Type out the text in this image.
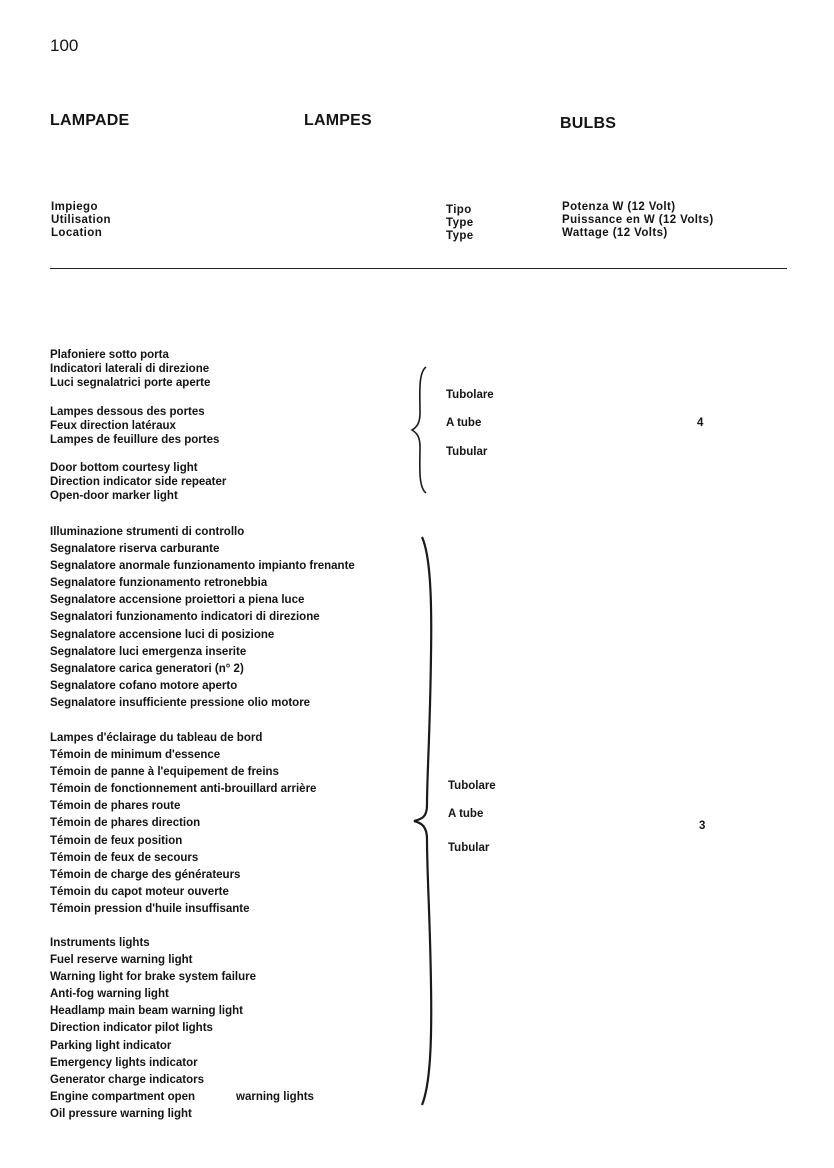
100
LAMPADE	LAMPES	BULBS
Impiego
Utilisation
Location
Tipo
Type
Type
Potenza W (12 Volt)
Puissance en W (12 Volts)
Wattage (12 Volts)
Plafoniere sotto porta
Indicatori laterali di direzione
Luci segnalatrici porte aperte
Lampes dessous des portes
Feux direction latéraux
Lampes de feuillure des portes
Door bottom courtesy light
Direction indicator side repeater
Open-door marker light
Tubolare
A tube
Tubular
4
Illuminazione strumenti di controllo
Segnalatore riserva carburante
Segnalatore anormale funzionamento impianto frenante
Segnalatore funzionamento retronebbia
Segnalatore accensione proiettori a piena luce
Segnalatori funzionamento indicatori di direzione
Segnalatore accensione luci di posizione
Segnalatore luci emergenza inserite
Segnalatore carica generatori (n° 2)
Segnalatore cofano motore aperto
Segnalatore insufficiente pressione olio motore
Lampes d'éclairage du tableau de bord
Témoin de minimum d'essence
Témoin de panne à l'equipement de freins
Témoin de fonctionnement anti-brouillard arrière
Témoin de phares route
Témoin de phares direction
Témoin de feux position
Témoin de feux de secours
Témoin de charge des générateurs
Témoin du capot moteur ouverte
Témoin pression d'huile insuffisante
Instruments lights
Fuel reserve warning light
Warning light for brake system failure
Anti-fog warning light
Headlamp main beam warning light
Direction indicator pilot lights
Parking light indicator
Emergency lights indicator
Generator charge indicators
Engine compartment open
Oil pressure warning light
warning lights
Tubolare
A tube
Tubular
3
